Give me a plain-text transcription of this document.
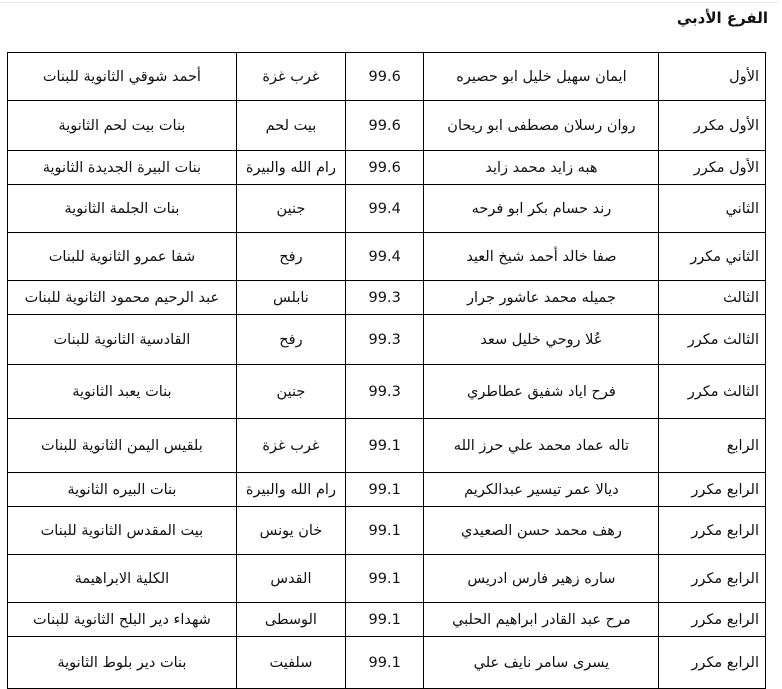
الفرع الأدبي
الأول	ايمان سهيل خليل ابو حصيره	99.6	غرب غزة	أحمد شوقي الثانوية للبنات
الأول مكرر	روان رسلان مصطفى ابو ريحان	99.6	بيت لحم	بنات بيت لحم الثانوية
الأول مكرر	هبه زايد محمد زايد	99.6	رام الله والبيرة	بنات البيرة الجديدة الثانوية
الثاني	رند حسام بكر ابو فرحه	99.4	جنين	بنات الجلمة الثانوية
الثاني مكرر	صفا خالد أحمد شيخ العيد	99.4	رفح	شفا عمرو الثانوية للبنات
الثالث	جميله محمد عاشور جرار	99.3	نابلس	عبد الرحيم محمود الثانوية للبنات
الثالث مكرر	عُلا روحي خليل سعد	99.3	رفح	القادسية الثانوية للبنات
الثالث مكرر	فرح اياد شفيق عطاطري	99.3	جنين	بنات يعبد الثانوية
الرابع	تاله عماد محمد علي حرز الله	99.1	غرب غزة	بلقيس اليمن الثانوية للبنات
الرابع مكرر	ديالا عمر تيسير عبدالكريم	99.1	رام الله والبيرة	بنات البيره الثانوية
الرابع مكرر	رهف محمد حسن الصعيدي	99.1	خان يونس	بيت المقدس الثانوية للبنات
الرابع مكرر	ساره زهير فارس ادريس	99.1	القدس	الكلية الابراهيمة
الرابع مكرر	مرح عبد القادر ابراهيم الحلبي	99.1	الوسطى	شهداء دير البلح الثانوية للبنات
الرابع مكرر	يسرى سامر نايف علي	99.1	سلفيت	بنات دير بلوط الثانوية
